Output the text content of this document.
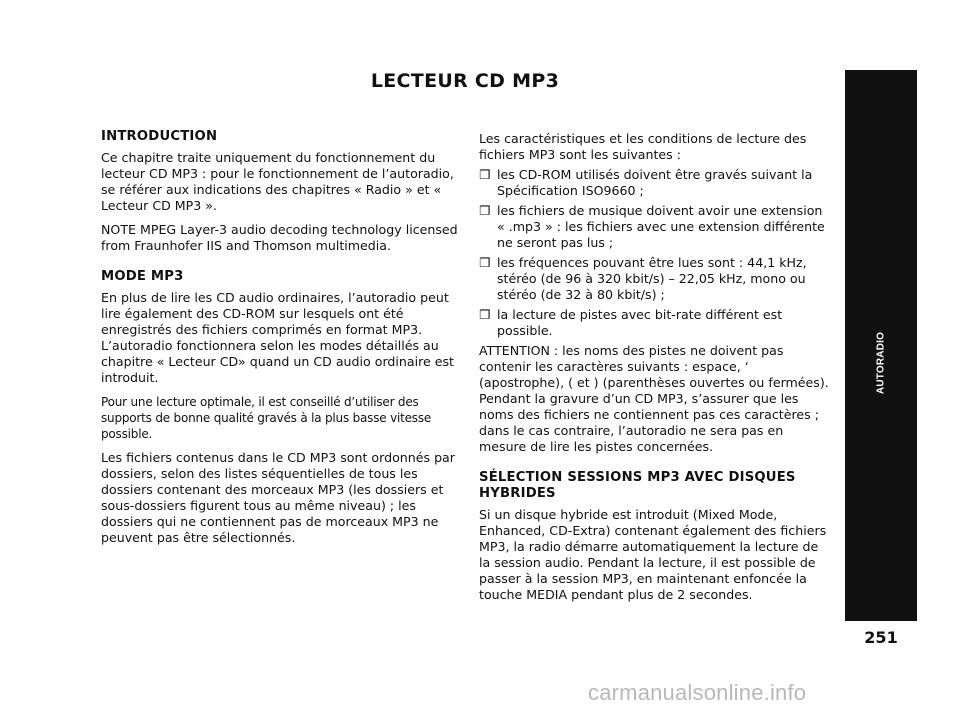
LECTEUR CD MP3
AUTORADIO
251
INTRODUCTION

Ce chapitre traite uniquement du fonctionnement du lecteur CD MP3 : pour le fonctionnement de l’autoradio, se référer aux indications des chapitres « Radio » et « Lecteur CD MP3 ».

NOTE MPEG Layer-3 audio decoding technology licensed from Fraunhofer IIS and Thomson multimedia.

MODE MP3

En plus de lire les CD audio ordinaires, l’autoradio peut lire également des CD-ROM sur lesquels ont été enregistrés des fichiers comprimés en format MP3. L’autoradio fonctionnera selon les modes détaillés au chapitre « Lecteur CD» quand un CD audio ordinaire est introduit.

Pour une lecture optimale, il est conseillé d’utiliser des supports de bonne qualité gravés à la plus basse vitesse possible.

Les fichiers contenus dans le CD MP3 sont ordonnés par dossiers, selon des listes séquentielles de tous les dossiers contenant des morceaux MP3 (les dossiers et sous-dossiers figurent tous au même niveau) ; les dossiers qui ne contiennent pas de morceaux MP3 ne peuvent pas être sélectionnés.

Les caractéristiques et les conditions de lecture des fichiers MP3 sont les suivantes :

❒ les CD-ROM utilisés doivent être gravés suivant la Spécification ISO9660 ;
❒ les fichiers de musique doivent avoir une extension « .mp3 » : les fichiers avec une extension différente ne seront pas lus ;
❒ les fréquences pouvant être lues sont : 44,1 kHz, stéréo (de 96 à 320 kbit/s) – 22,05 kHz, mono ou stéréo (de 32 à 80 kbit/s) ;
❒ la lecture de pistes avec bit-rate différent est possible.

ATTENTION : les noms des pistes ne doivent pas contenir les caractères suivants : espace, ‘ (apostrophe), ( et ) (parenthèses ouvertes ou fermées). Pendant la gravure d’un CD MP3, s’assurer que les noms des fichiers ne contiennent pas ces caractères ; dans le cas contraire, l’autoradio ne sera pas en mesure de lire les pistes concernées.

SÉLECTION SESSIONS MP3 AVEC DISQUES HYBRIDES

Si un disque hybride est introduit (Mixed Mode, Enhanced, CD-Extra) contenant également des fichiers MP3, la radio démarre automatiquement la lecture de la session audio. Pendant la lecture, il est possible de passer à la session MP3, en maintenant enfoncée la touche MEDIA pendant plus de 2 secondes.

carmanualsonline.info
